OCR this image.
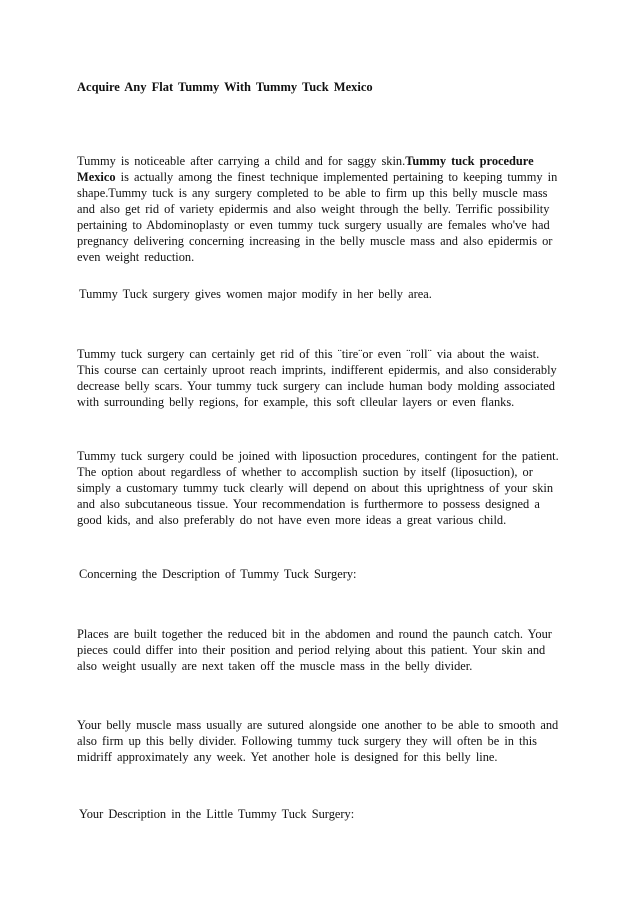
Acquire Any Flat Tummy With Tummy Tuck Mexico

Tummy is noticeable after carrying a child and for saggy skin.Tummy tuck procedure Mexico is actually among the finest technique implemented pertaining to keeping tummy in shape.Tummy tuck is any surgery completed to be able to firm up this belly muscle mass and also get rid of variety epidermis and also weight through the belly. Terrific possibility pertaining to Abdominoplasty or even tummy tuck surgery usually are females who've had pregnancy delivering concerning increasing in the belly muscle mass and also epidermis or even weight reduction.

Tummy Tuck surgery gives women major modify in her belly area.

Tummy tuck surgery can certainly get rid of this ¨tire¨or even ¨roll¨ via about the waist. This course can certainly uproot reach imprints, indifferent epidermis, and also considerably decrease belly scars. Your tummy tuck surgery can include human body molding associated with surrounding belly regions, for example, this soft clleular layers or even flanks.

Tummy tuck surgery could be joined with liposuction procedures, contingent for the patient. The option about regardless of whether to accomplish suction by itself (liposuction), or simply a customary tummy tuck clearly will depend on about this uprightness of your skin and also subcutaneous tissue. Your recommendation is furthermore to possess designed a good kids, and also preferably do not have even more ideas a great various child.

Concerning the Description of Tummy Tuck Surgery:

Places are built together the reduced bit in the abdomen and round the paunch catch. Your pieces could differ into their position and period relying about this patient. Your skin and also weight usually are next taken off the muscle mass in the belly divider.

Your belly muscle mass usually are sutured alongside one another to be able to smooth and also firm up this belly divider. Following tummy tuck surgery they will often be in this midriff approximately any week. Yet another hole is designed for this belly line.

Your Description in the Little Tummy Tuck Surgery:
